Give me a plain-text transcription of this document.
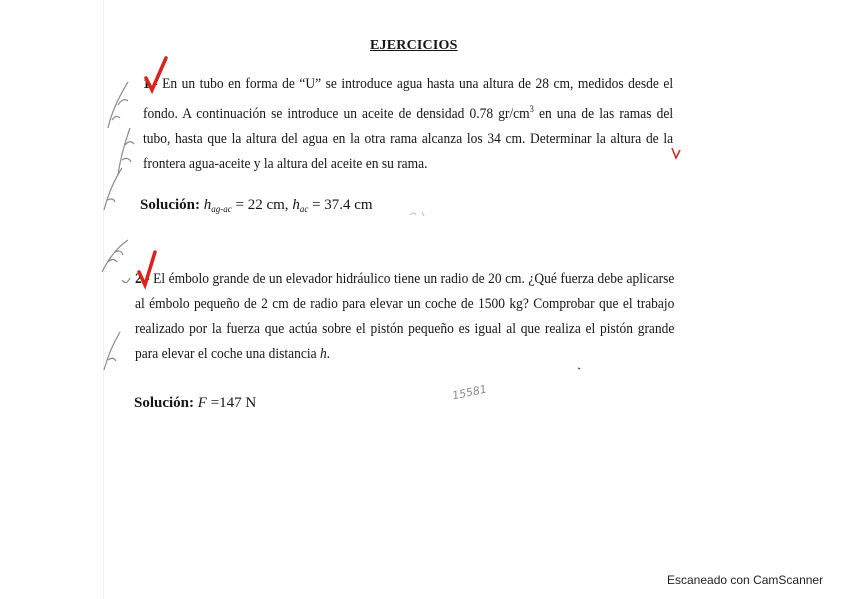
EJERCICIOS
1.- En un tubo en forma de “U” se introduce agua hasta una altura de 28 cm, medidos desde el fondo. A continuación se introduce un aceite de densidad 0.78 $gr/cm^3$ en una de las ramas del tubo, hasta que la altura del agua en la otra rama alcanza los 34 cm. Determinar la altura de la frontera agua-aceite y la altura del aceite en su rama.
Solución: $h_{ag-ac} = 22$ cm, $h_{ac} = 37.4$ cm
2.- El émbolo grande de un elevador hidráulico tiene un radio de 20 cm. ¿Qué fuerza debe aplicarse al émbolo pequeño de 2 cm de radio para elevar un coche de 1500 kg? Comprobar que el trabajo realizado por la fuerza que actúa sobre el pistón pequeño es igual al que realiza el pistón grande para elevar el coche una distancia h.
Solución: F =147 N
15581
Escaneado con CamScanner
